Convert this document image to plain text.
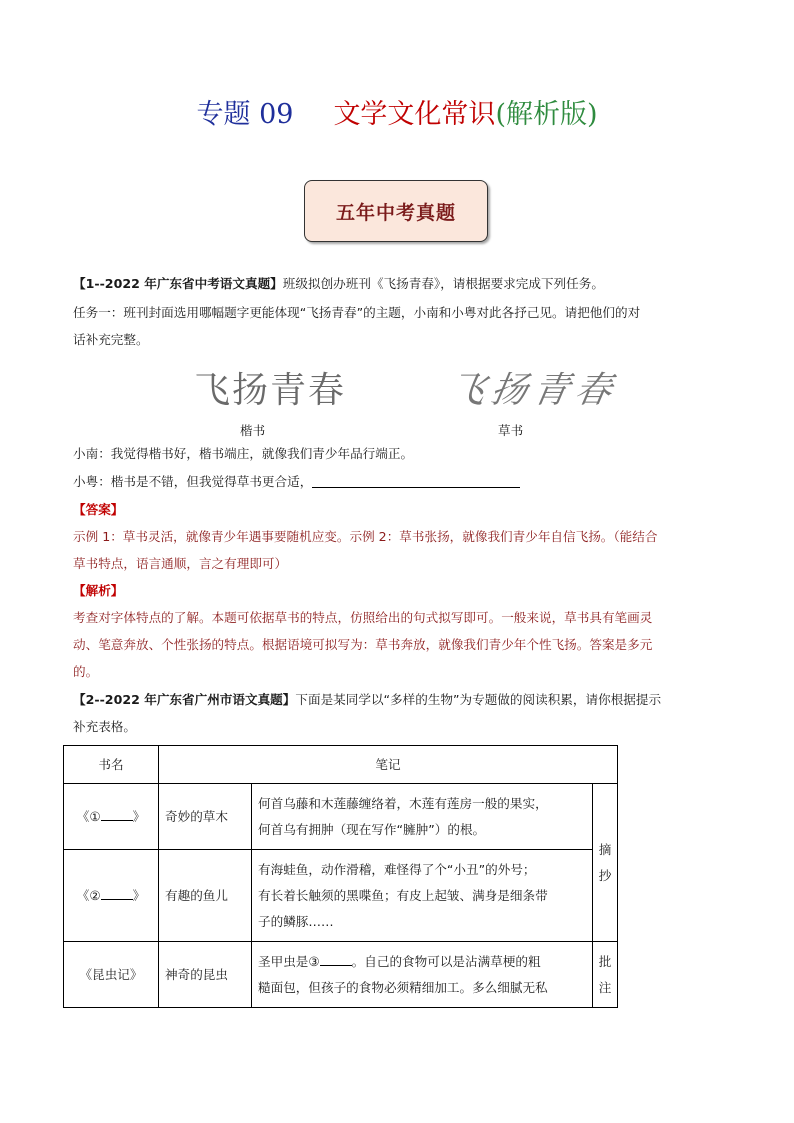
专题 09 文学文化常识(解析版)
五年中考真题
【1--2022 年广东省中考语文真题】班级拟创办班刊《飞扬青春》，请根据要求完成下列任务。
任务一：班刊封面选用哪幅题字更能体现“飞扬青春”的主题，小南和小粤对此各抒己见。请把他们的对
话补充完整。
飞扬青春	飞扬青春
楷书	草书
小南：我觉得楷书好，楷书端庄，就像我们青少年品行端正。
小粤：楷书是不错，但我觉得草书更合适，
【答案】
示例 1：草书灵活，就像青少年遇事要随机应变。示例 2：草书张扬，就像我们青少年自信飞扬。（能结合
草书特点，语言通顺，言之有理即可）
【解析】
考查对字体特点的了解。本题可依据草书的特点，仿照给出的句式拟写即可。一般来说，草书具有笔画灵
动、笔意奔放、个性张扬的特点。根据语境可拟写为：草书奔放，就像我们青少年个性飞扬。答案是多元
的。
【2--2022 年广东省广州市语文真题】下面是某同学以“多样的生物”为专题做的阅读积累，请你根据提示
补充表格。
书名	笔记		
《① 》	奇妙的草木	何首乌藤和木莲藤缠络着，木莲有莲房一般的果实，
何首乌有拥肿（现在写作“臃肿”）的根。	摘抄

《② 》	有趣的鱼儿	有海蛙鱼，动作滑稽，难怪得了个“小丑”的外号；
有长着长触须的黑喋鱼；有皮上起皱、满身是细条带
子的鳞豚……	

《昆虫记》	神奇的昆虫	圣甲虫是③ 。自己的食物可以是沾满草梗的粗
糙面包，但孩子的食物必须精细加工。多么细腻无私	批注
